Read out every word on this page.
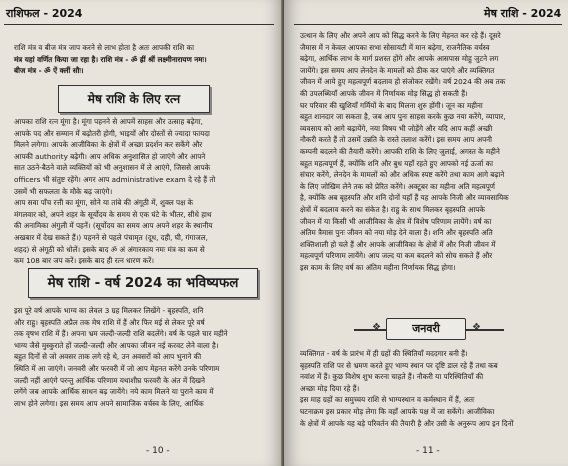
राशिफल - 2024

राशि मंत्र व बीज मंत्र जाप करने से लाभ होता है अतः आपकी राशि का

मंत्र यहां वर्णित किया जा रहा है। राशि मंत्र - ॐ ह्रीं श्रीं लक्ष्मीनारायण नमः।

बीज मंत्र - ॐ ऐं क्लीं सौः।

मेष राशि के लिए रत्न

आपका राशि रत्न मूंगा है। मूंगा पहनने से आपमें साहस और उत्साह बढ़ेगा,

आपके पद और सम्मान में बढ़ोतरी होगी, भाइयों और दोस्तों से ज्यादा फायदा

मिलने लगेगा। आपके आजीविका के क्षेत्रों में अच्छा प्रदर्शन कर सकेंगे और

आपकी authority बढ़ेगी। आप अधिक अनुशासित हो जाएंगे और आपने

सात उठने-बैठने वाले व्यक्तियों को भी अनुशासन में ले आएंगे, जिससे आपके

officers भी संतुष्ट रहेंगे। अगर आप administrative exam दे रहे हैं तो

उसमें भी सफलता के मौके बढ़ जाएंगे।

आप सवा पाँच रत्ती का मूंगा, सोने या तांबे की अंगूठी में, शुक्ल पक्ष के

मंगलवार को, अपने शहर के सूर्योदय के समय से एक घंटे के भीतर, सीधे हाथ

की अनामिका अंगुली में पहनें। (सूर्योदय का समय आप अपने शहर के स्थानीय

अखबार में देख सकते हैं।) पहनने से पहले पंचामृत (दूध, दही, घी, गंगाजल,

शहद) से अंगूठी को धोलें। इसके बाद ॐ अं अंगारकाय नमः मंत्र का कम से

कम 108 बार जप करें। इसके बाद ही रत्न धारण करें।

मेष राशि - वर्ष 2024 का भविष्यफल

इस पूरे वर्ष आपके भाग्य का लेवल 3 ग्रह मिलकर लिखेंगे - बृहस्पति, शनि

और राहु। बृहस्पति अप्रैल तक मेष राशि में हैं और फिर मई से लेकर पूरे वर्ष

तक वृषभ राशि में हैं। अपना भ्रम जल्दी-जल्दी राशि बदलेंगे। वर्ष के पहले चार महीने

भाग्य जैसे मुस्कुराते हों जल्दी-जल्दी और आपका जीवन नई करवट लेने वाला है।

बहुत दिनों से जो अवसर ताक लगे रहे थे, उन अवसरों को आप भुनाने की

स्थिति में आ जाएंगे। जनवरी और फरवरी में जो आप मेहनत करेंगे उनके परिणाम

जल्दी नहीं आएंगे परन्तु आर्थिक परिणाम यथाशीघ्र फरवरी के अंत में दिखने

लगेंगे जब आपके आर्थिक साधन बढ़ जायेंगे। नये काम मिलने या पुराने काम में

लाभ होने लगेगा। इस समय आप अपने सामाजिक वर्चस्व के लिए, आर्थिक

- 10 -
मेष राशि - 2024

उत्थान के लिए और अपने आप को सिद्ध करने के लिए मेहनत कर रहे हैं। दूसरे

जैमास में न केवल आपका सभा सोसायटी में मान बढ़ेगा, राजनैतिक वर्चस्व

बढ़ेगा, आर्थिक लाभ के मार्ग प्रशस्त होंगे और आपके आसपास मोहु जुटने लग

जायेंगे। इस समय आप लेनदेन के मामलों को ठीक कर पाएंगे और व्यक्तिगत

जीवन में आये हुए महत्वपूर्ण बदलाव हो संजोकर रखेंगे। वर्ष 2024 की अब तक

की उपलब्धियाँ आपके जीवन में निर्णायक मोड़ सिद्ध हो सकती हैं।

घर परिवार की खुशियाँ गर्मियों के बाद मिलना शुरु होंगी। जून का महीना

बहुत शानदार जा सकता है, जब आप पुनः साहस करके कुछ नया करेंगे, व्यापार,

व्यवसाय को आगे बढ़ायेंगे, नया विषय भी जोड़ेंगे और यदि आप कहीं अच्छी

नौकरी करते हैं तो उसमें उन्नति के रास्ते तलाश करेंगे। इस समय आप अपनी

कम्पनी बदलने की तैयारी करेंगे। आपकी राशि के लिए जुलाई, अगस्त के महीने

बहुत महत्वपूर्ण हैं, क्योंकि शनि और बुध यहाँ रहते हुए आपको नई ऊर्जा का

संचार करेंगे, लेनदेन के मामलों को और अधिक स्पष्ट करेंगे तथा काम आगे बढ़ाने

के लिए जोखिम लेने तक को प्रेरित करेंगे। अक्टूबर का महीना अति महत्वपूर्ण

है, क्योंकि अब बृहस्पति और शनि दोनों यहाँ हैं यह आपके निजी और व्यावसायिक

क्षेत्रों में बदलाव करने का संकेत है। राहु के साथ मिलकर बृहस्पति आपके

जीवन में या किसी भी आजीविका के क्षेत्र में विशेष परिणाम लायेंगे। वर्ष का

अंतिम त्रैमास पुनः जीवन को नया मोड़ देने वाला है। शनि और बृहस्पति अति

शक्तिशाली हो चले हैं और आपके आजीविका के क्षेत्रों में और निजी जीवन में

महत्वपूर्ण परिणाम लायेंगे। आप जल्द या कम बदलने को सोच सकते हैं और

इस काम के लिए वर्ष का अंतिम महीना निर्णायक सिद्ध होगा।

❖	जनवरी	❖

व्यक्तिगत - वर्ष के प्रारंभ में ही ग्रहों की स्थितियाँ मददगार बनी हैं।

बृहस्पति राशि पर से भ्रमण करते हुए भाग्य स्थान पर दृष्टि डाल रहे हैं तथा कब

नवांश में हैं। कुछ विशेष शुभ करना चाहते हैं। नौकरी या परिस्थितियाँ की

अच्छा मोड़ दिया रहे हैं।

इस माह ग्रहों का समुच्चय राशि से भाग्यस्थान व कर्मस्थान में हैं, अतः

घटनाक्रम इस प्रकार मोड़ लेगा कि वहाँ आपके पक्ष में जा सकेंगे। आजीविका

के क्षेत्रों में आपके यह बड़े परिवर्तन की तैयारी है और उसी के अनुरूप आप इन दिनों

- 11 -
